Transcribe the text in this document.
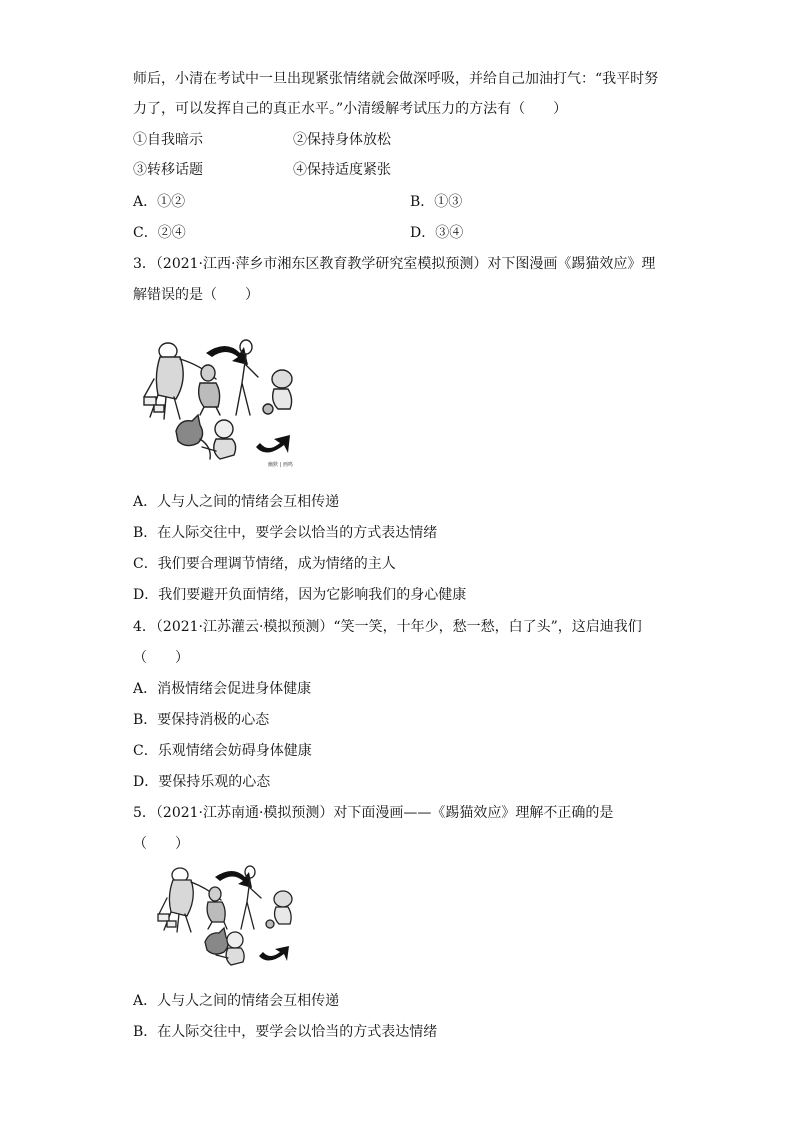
师后，小清在考试中一旦出现紧张情绪就会做深呼吸，并给自己加油打气：“我平时努
力了，可以发挥自己的真正水平。”小清缓解考试压力的方法有（　　）
①自我暗示	②保持身体放松
③转移话题	④保持适度紧张
A．①②	B．①③
C．②④	D．③④
3．（2021·江西·萍乡市湘东区教育教学研究室模拟预测）对下图漫画《踢猫效应》理
解错误的是（　　）
幽默 | 画鸣
A．人与人之间的情绪会互相传递
B．在人际交往中，要学会以恰当的方式表达情绪
C．我们要合理调节情绪，成为情绪的主人
D．我们要避开负面情绪，因为它影响我们的身心健康
4．（2021·江苏灌云·模拟预测）“笑一笑，十年少，愁一愁，白了头”，这启迪我们
（　　）
A．消极情绪会促进身体健康
B．要保持消极的心态
C．乐观情绪会妨碍身体健康
D．要保持乐观的心态
5．（2021·江苏南通·模拟预测）对下面漫画——《踢猫效应》理解不正确的是
（　　）
A．人与人之间的情绪会互相传递
B．在人际交往中，要学会以恰当的方式表达情绪
